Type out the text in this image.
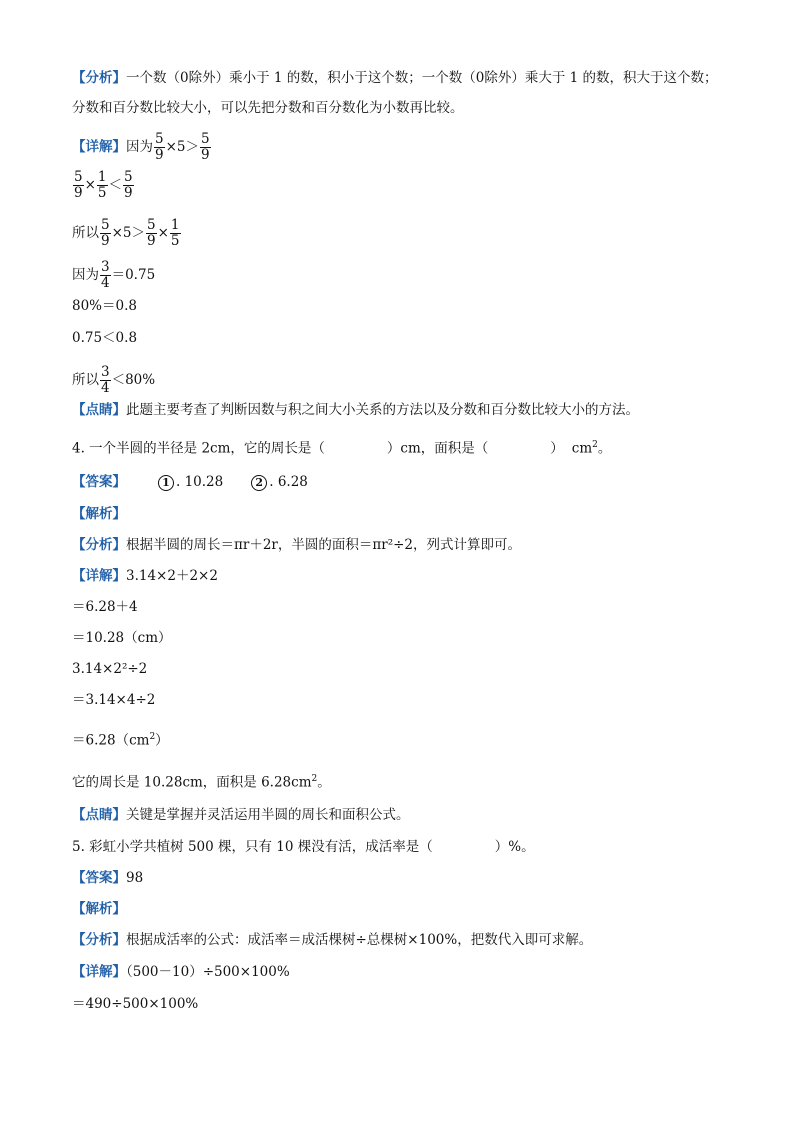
【分析】一个数（0除外）乘小于 1 的数，积小于这个数；一个数（0除外）乘大于 1 的数，积大于这个数；
分数和百分数比较大小，可以先把分数和百分数化为小数再比较。
【详解】因为 $\frac{5}{9} \times 5> \frac{5}{9}$
$\frac{5}{9} \times \frac{1}{5} < \frac{5}{9}$
所以 $\frac{5}{9} \times 5> \frac{5}{9} \times \frac{1}{5}$
因为 $\frac{3}{4} =0.75$
80%＝0.8
0.75＜0.8
所以 $\frac{3}{4} <80\%$
【点睛】此题主要考查了判断因数与积之间大小关系的方法以及分数和百分数比较大小的方法。
4. 一个半圆的半径是 2cm，它的周长是（	）cm，面积是（	） $cm^2$。
【答案】	1 . 10.28	2 . 6.28
【解析】
【分析】根据半圆的周长＝πr＋2r，半圆的面积＝πr²÷2，列式计算即可。
【详解】3.14×2＋2×2
＝6.28＋4
＝10.28（cm）
3.14×2²÷2
＝3.14×4÷2
$=6.28(cm^2)$
它的周长是 10.28cm，面积是 $6.28cm^2$。
【点睛】关键是掌握并灵活运用半圆的周长和面积公式。
5. 彩虹小学共植树 500 棵，只有 10 棵没有活，成活率是（	）%。
【答案】98
【解析】
【分析】根据成活率的公式：成活率＝成活棵树÷总棵树×100%，把数代入即可求解。
【详解】（500－10）÷500×100%
＝490÷500×100%
